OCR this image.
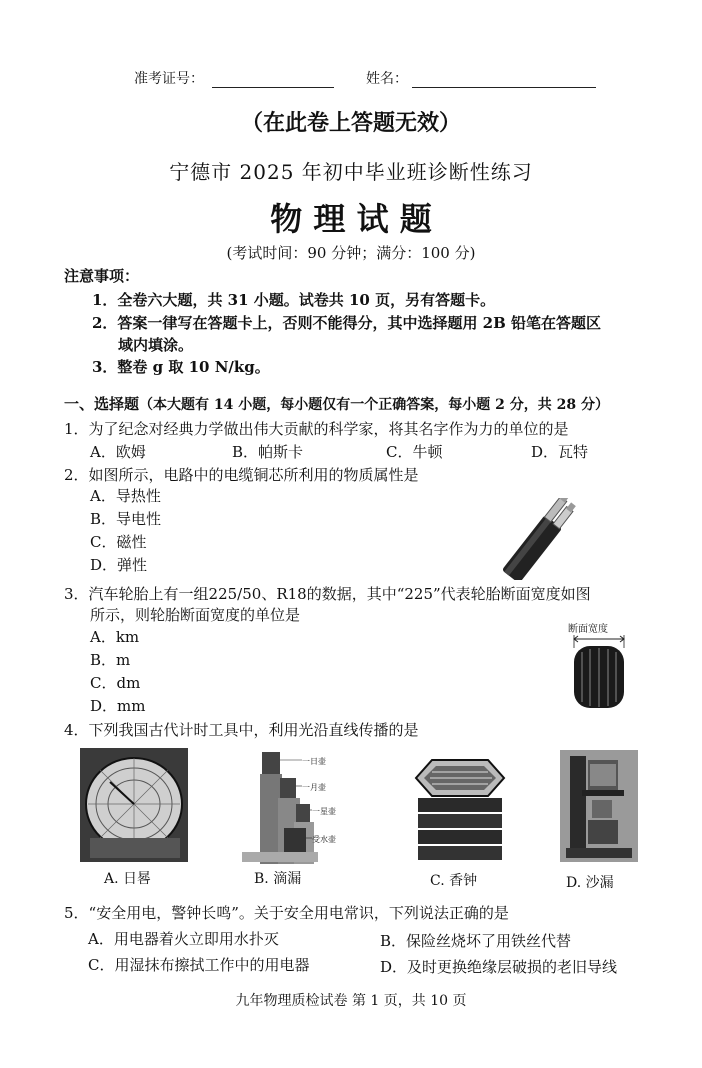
准考证号：	姓名：
（在此卷上答题无效）
宁德市 2025 年初中毕业班诊断性练习
物 理 试 题
(考试时间：90 分钟；满分：100 分)
注意事项：
1．全卷六大题，共 31 小题。试卷共 10 页，另有答题卡。
2．答案一律写在答题卡上，否则不能得分，其中选择题用 2B 铅笔在答题区
域内填涂。
3．整卷 g 取 10 N/kg。
一、选择题（本大题有 14 小题，每小题仅有一个正确答案，每小题 2 分，共 28 分）
1．为了纪念对经典力学做出伟大贡献的科学家，将其名字作为力的单位的是
A．欧姆	B．帕斯卡	C．牛顿	D．瓦特
2．如图所示，电路中的电缆铜芯所利用的物质属性是
A．导热性
B．导电性
C．磁性
D．弹性
3．汽车轮胎上有一组225/50、R18的数据，其中“225”代表轮胎断面宽度如图
所示，则轮胎断面宽度的单位是
A．km
B．m
C．dm
D．mm
断面宽度
4．下列我国古代计时工具中，利用光沿直线传播的是
A. 日晷
一日壶
一月壶
一星壶
受水壶
B. 滴漏	C. 香钟	D. 沙漏
5．“安全用电，警钟长鸣”。关于安全用电常识，下列说法正确的是
A．用电器着火立即用水扑灭	B．保险丝烧坏了用铁丝代替
C．用湿抹布擦拭工作中的用电器	D．及时更换绝缘层破损的老旧导线
九年物理质检试卷 第 1 页，共 10 页
